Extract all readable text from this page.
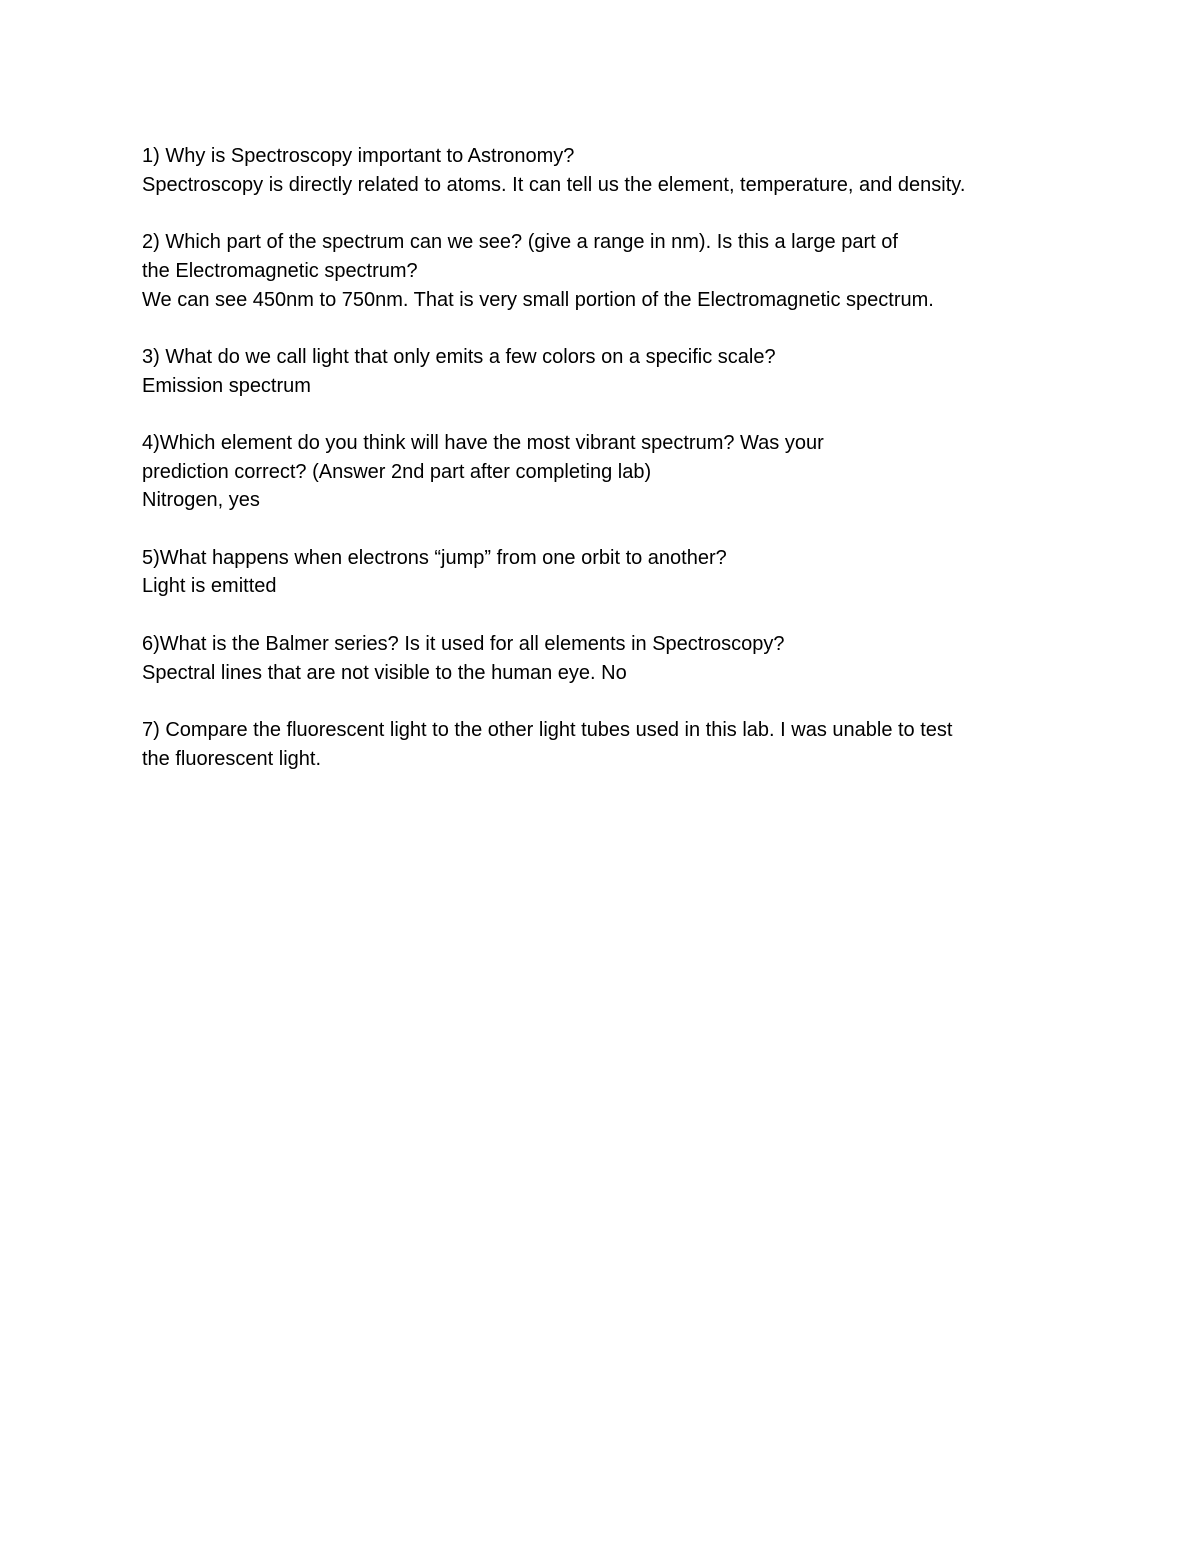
1) Why is Spectroscopy important to Astronomy?
Spectroscopy is directly related to atoms. It can tell us the element, temperature, and density.
2) Which part of the spectrum can we see? (give a range in nm). Is this a large part of
the Electromagnetic spectrum?
We can see 450nm to 750nm. That is very small portion of the Electromagnetic spectrum.
3) What do we call light that only emits a few colors on a specific scale?
Emission spectrum
4)Which element do you think will have the most vibrant spectrum? Was your
prediction correct? (Answer 2nd part after completing lab)
Nitrogen, yes
5)What happens when electrons “jump” from one orbit to another?
Light is emitted
6)What is the Balmer series? Is it used for all elements in Spectroscopy?
Spectral lines that are not visible to the human eye. No
7) Compare the fluorescent light to the other light tubes used in this lab. I was unable to test
the fluorescent light.
